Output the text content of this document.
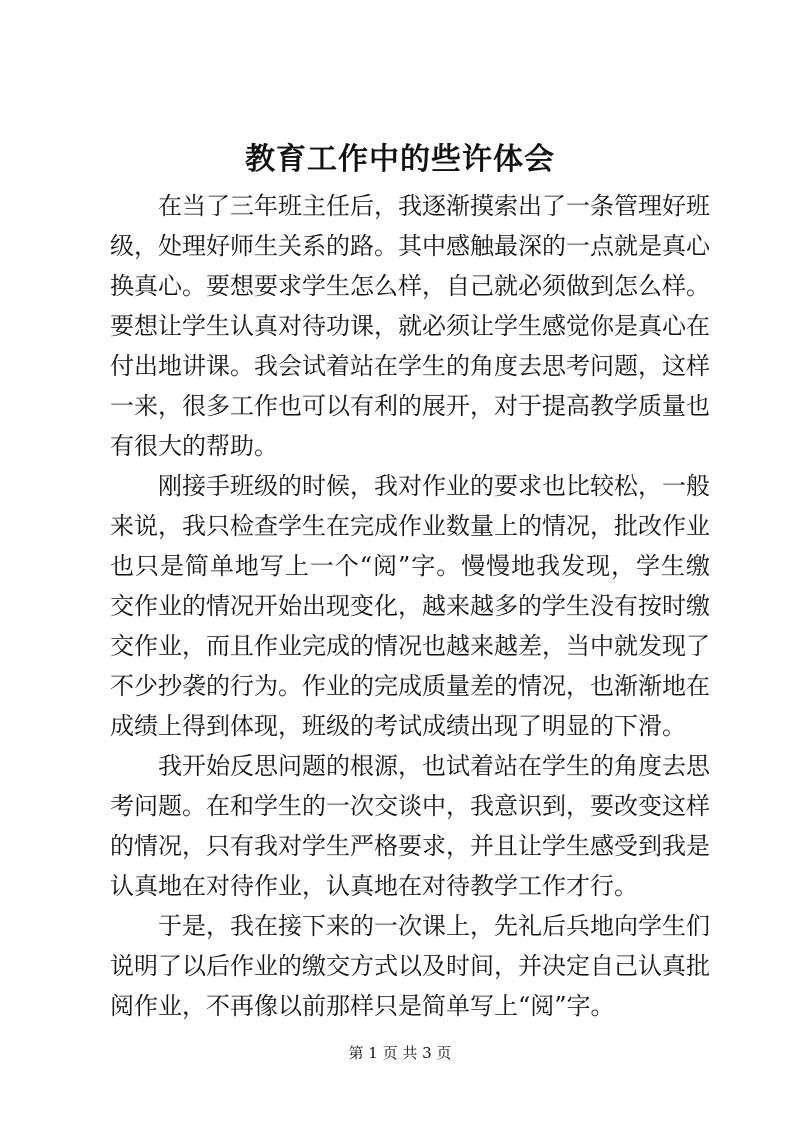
教育工作中的些许体会

在当了三年班主任后，我逐渐摸索出了一条管理好班级，处理好师生关系的路。其中感触最深的一点就是真心换真心。要想要求学生怎么样，自己就必须做到怎么样。要想让学生认真对待功课，就必须让学生感觉你是真心在付出地讲课。我会试着站在学生的角度去思考问题，这样一来，很多工作也可以有利的展开，对于提高教学质量也有很大的帮助。

刚接手班级的时候，我对作业的要求也比较松，一般来说，我只检查学生在完成作业数量上的情况，批改作业也只是简单地写上一个“阅”字。慢慢地我发现，学生缴交作业的情况开始出现变化，越来越多的学生没有按时缴交作业，而且作业完成的情况也越来越差，当中就发现了不少抄袭的行为。作业的完成质量差的情况，也渐渐地在成绩上得到体现，班级的考试成绩出现了明显的下滑。

我开始反思问题的根源，也试着站在学生的角度去思考问题。在和学生的一次交谈中，我意识到，要改变这样的情况，只有我对学生严格要求，并且让学生感受到我是认真地在对待作业，认真地在对待教学工作才行。

于是，我在接下来的一次课上，先礼后兵地向学生们说明了以后作业的缴交方式以及时间，并决定自己认真批阅作业，不再像以前那样只是简单写上“阅”字。

第 1 页 共 3 页
